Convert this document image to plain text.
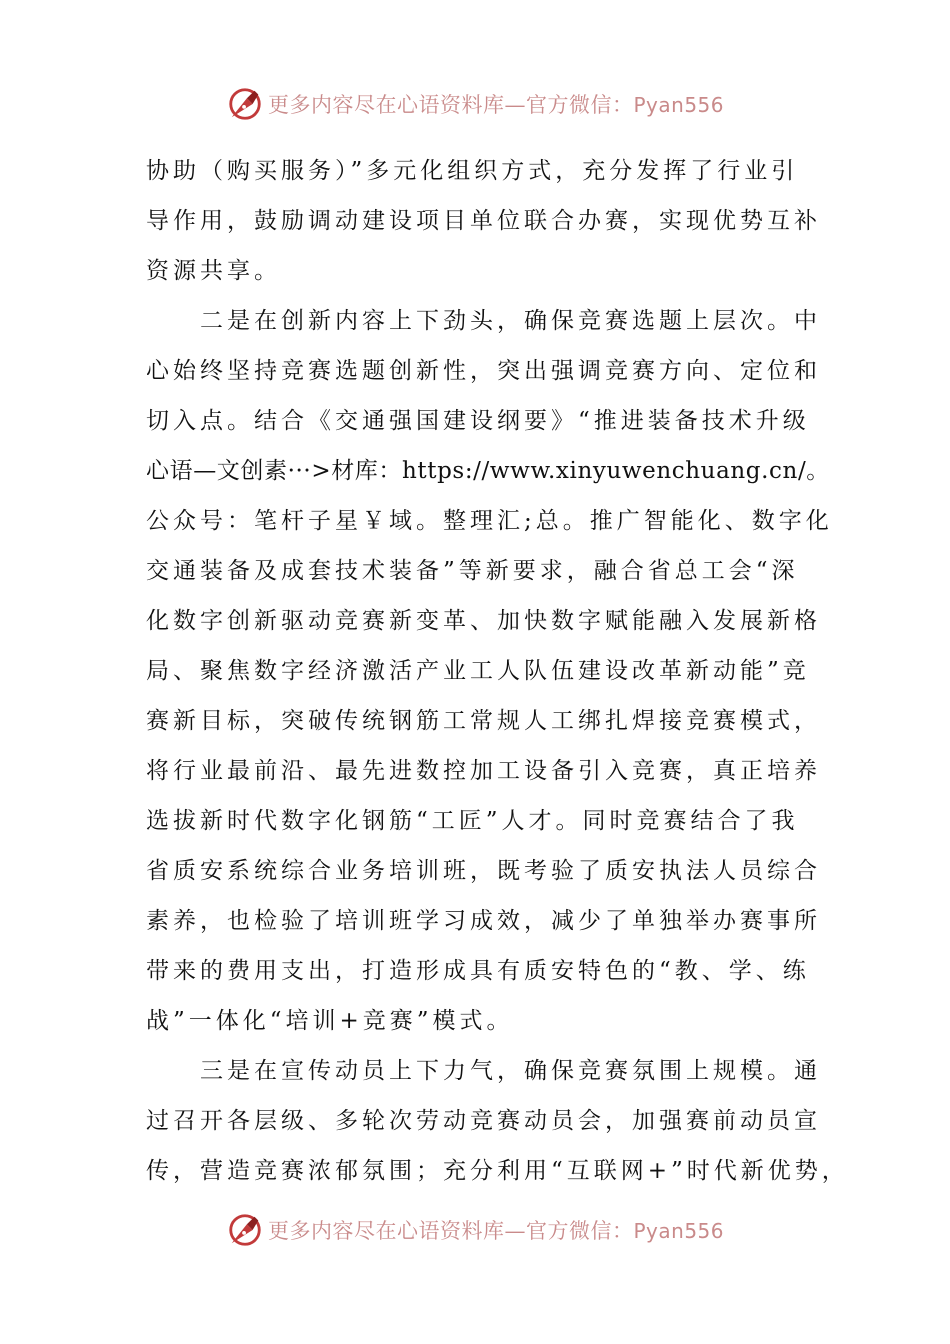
更多内容尽在心语资料库—官方微信：Pyan556
协助（购买服务）”多元化组织方式，充分发挥了行业引
导作用，鼓励调动建设项目单位联合办赛，实现优势互补
资源共享。
　　二是在创新内容上下劲头，确保竞赛选题上层次。中
心始终坚持竞赛选题创新性，突出强调竞赛方向、定位和
切入点。结合《交通强国建设纲要》“推进装备技术升级
心语—文创素···>材库：https://www.xinyuwenchuang.cn/。
公众号：笔杆子星￥域。整理汇;总。推广智能化、数字化
交通装备及成套技术装备”等新要求，融合省总工会“深
化数字创新驱动竞赛新变革、加快数字赋能融入发展新格
局、聚焦数字经济激活产业工人队伍建设改革新动能”竞
赛新目标，突破传统钢筋工常规人工绑扎焊接竞赛模式，
将行业最前沿、最先进数控加工设备引入竞赛，真正培养
选拔新时代数字化钢筋“工匠”人才。同时竞赛结合了我
省质安系统综合业务培训班，既考验了质安执法人员综合
素养，也检验了培训班学习成效，减少了单独举办赛事所
带来的费用支出，打造形成具有质安特色的“教、学、练
战”一体化“培训+竞赛”模式。
　　三是在宣传动员上下力气，确保竞赛氛围上规模。通
过召开各层级、多轮次劳动竞赛动员会，加强赛前动员宣
传，营造竞赛浓郁氛围；充分利用“互联网+”时代新优势，
更多内容尽在心语资料库—官方微信：Pyan556
